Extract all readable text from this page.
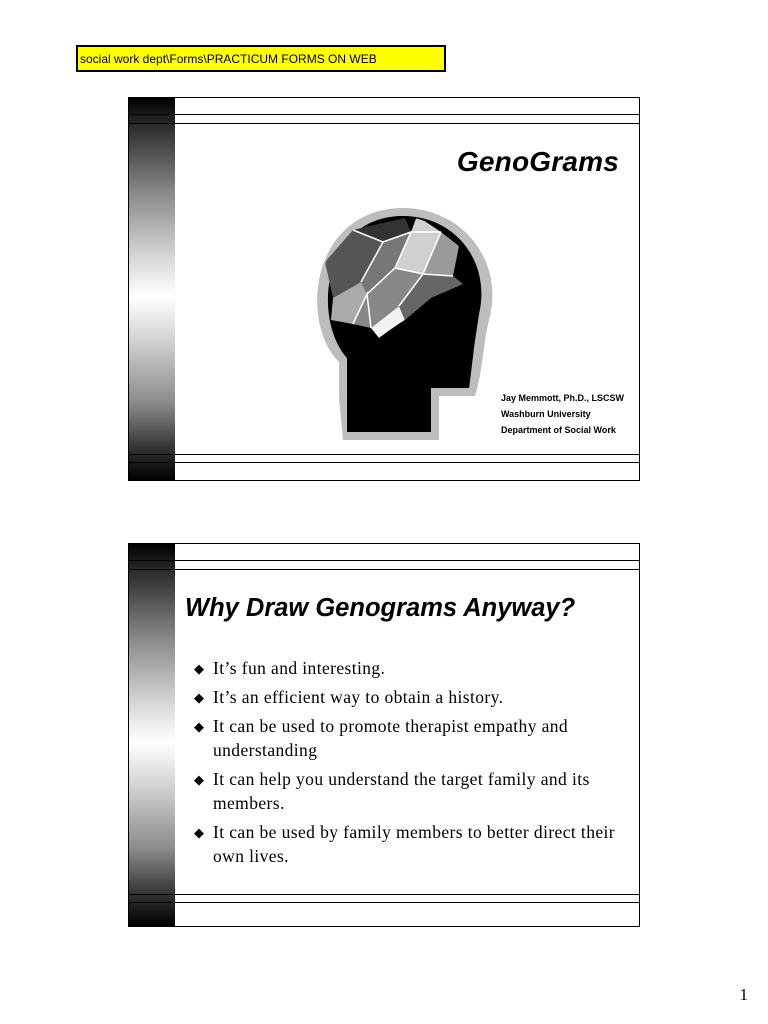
social work dept\Forms\PRACTICUM FORMS ON WEB
GenoGrams
Jay Memmott, Ph.D., LSCSW
Washburn University
Department of Social Work
Why Draw Genograms Anyway?
◆ It’s fun and interesting.
◆ It’s an efficient way to obtain a history.
◆ It can be used to promote therapist empathy and understanding
◆ It can help you understand the target family and its members.
◆ It can be used by family members to better direct their own lives.
1
